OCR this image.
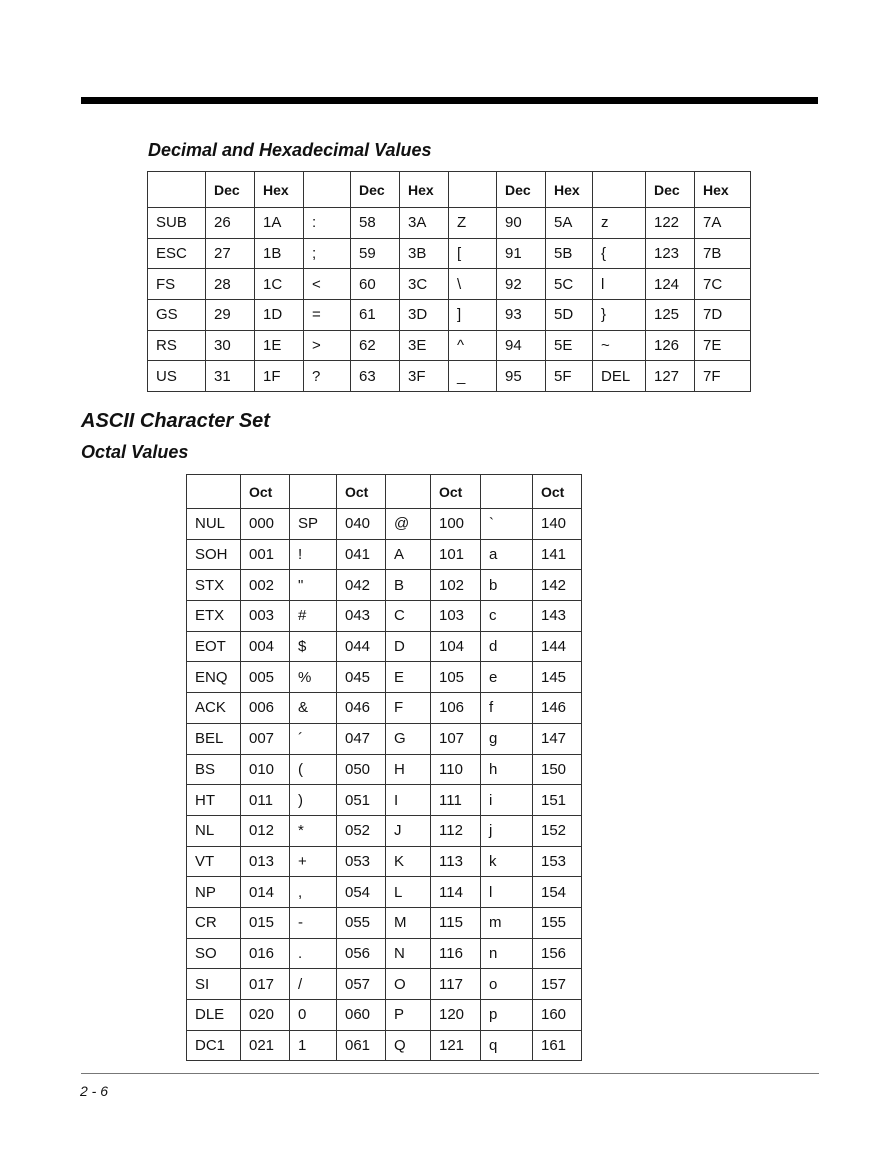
Decimal and Hexadecimal Values
	Dec	Hex		Dec	Hex		Dec	Hex		Dec	Hex
SUB	26	1A	:	58	3A	Z	90	5A	z	122	7A
ESC	27	1B	;	59	3B	[	91	5B	{	123	7B
FS	28	1C	<	60	3C	\	92	5C	l	124	7C
GS	29	1D	=	61	3D	]	93	5D	}	125	7D
RS	30	1E	>	62	3E	^	94	5E	~	126	7E
US	31	1F	?	63	3F	_	95	5F	DEL	127	7F
ASCII Character Set
Octal Values
	Oct		Oct		Oct		Oct
NUL	000	SP	040	@	100	`	140
SOH	001	!	041	A	101	a	141
STX	002	"	042	B	102	b	142
ETX	003	#	043	C	103	c	143
EOT	004	$	044	D	104	d	144
ENQ	005	%	045	E	105	e	145
ACK	006	&	046	F	106	f	146
BEL	007	´	047	G	107	g	147
BS	010	(	050	H	110	h	150
HT	011	)	051	I	111	i	151
NL	012	*	052	J	112	j	152
VT	013	+	053	K	113	k	153
NP	014	,	054	L	114	l	154
CR	015	-	055	M	115	m	155
SO	016	.	056	N	116	n	156
SI	017	/	057	O	117	o	157
DLE	020	0	060	P	120	p	160
DC1	021	1	061	Q	121	q	161
2 - 6
